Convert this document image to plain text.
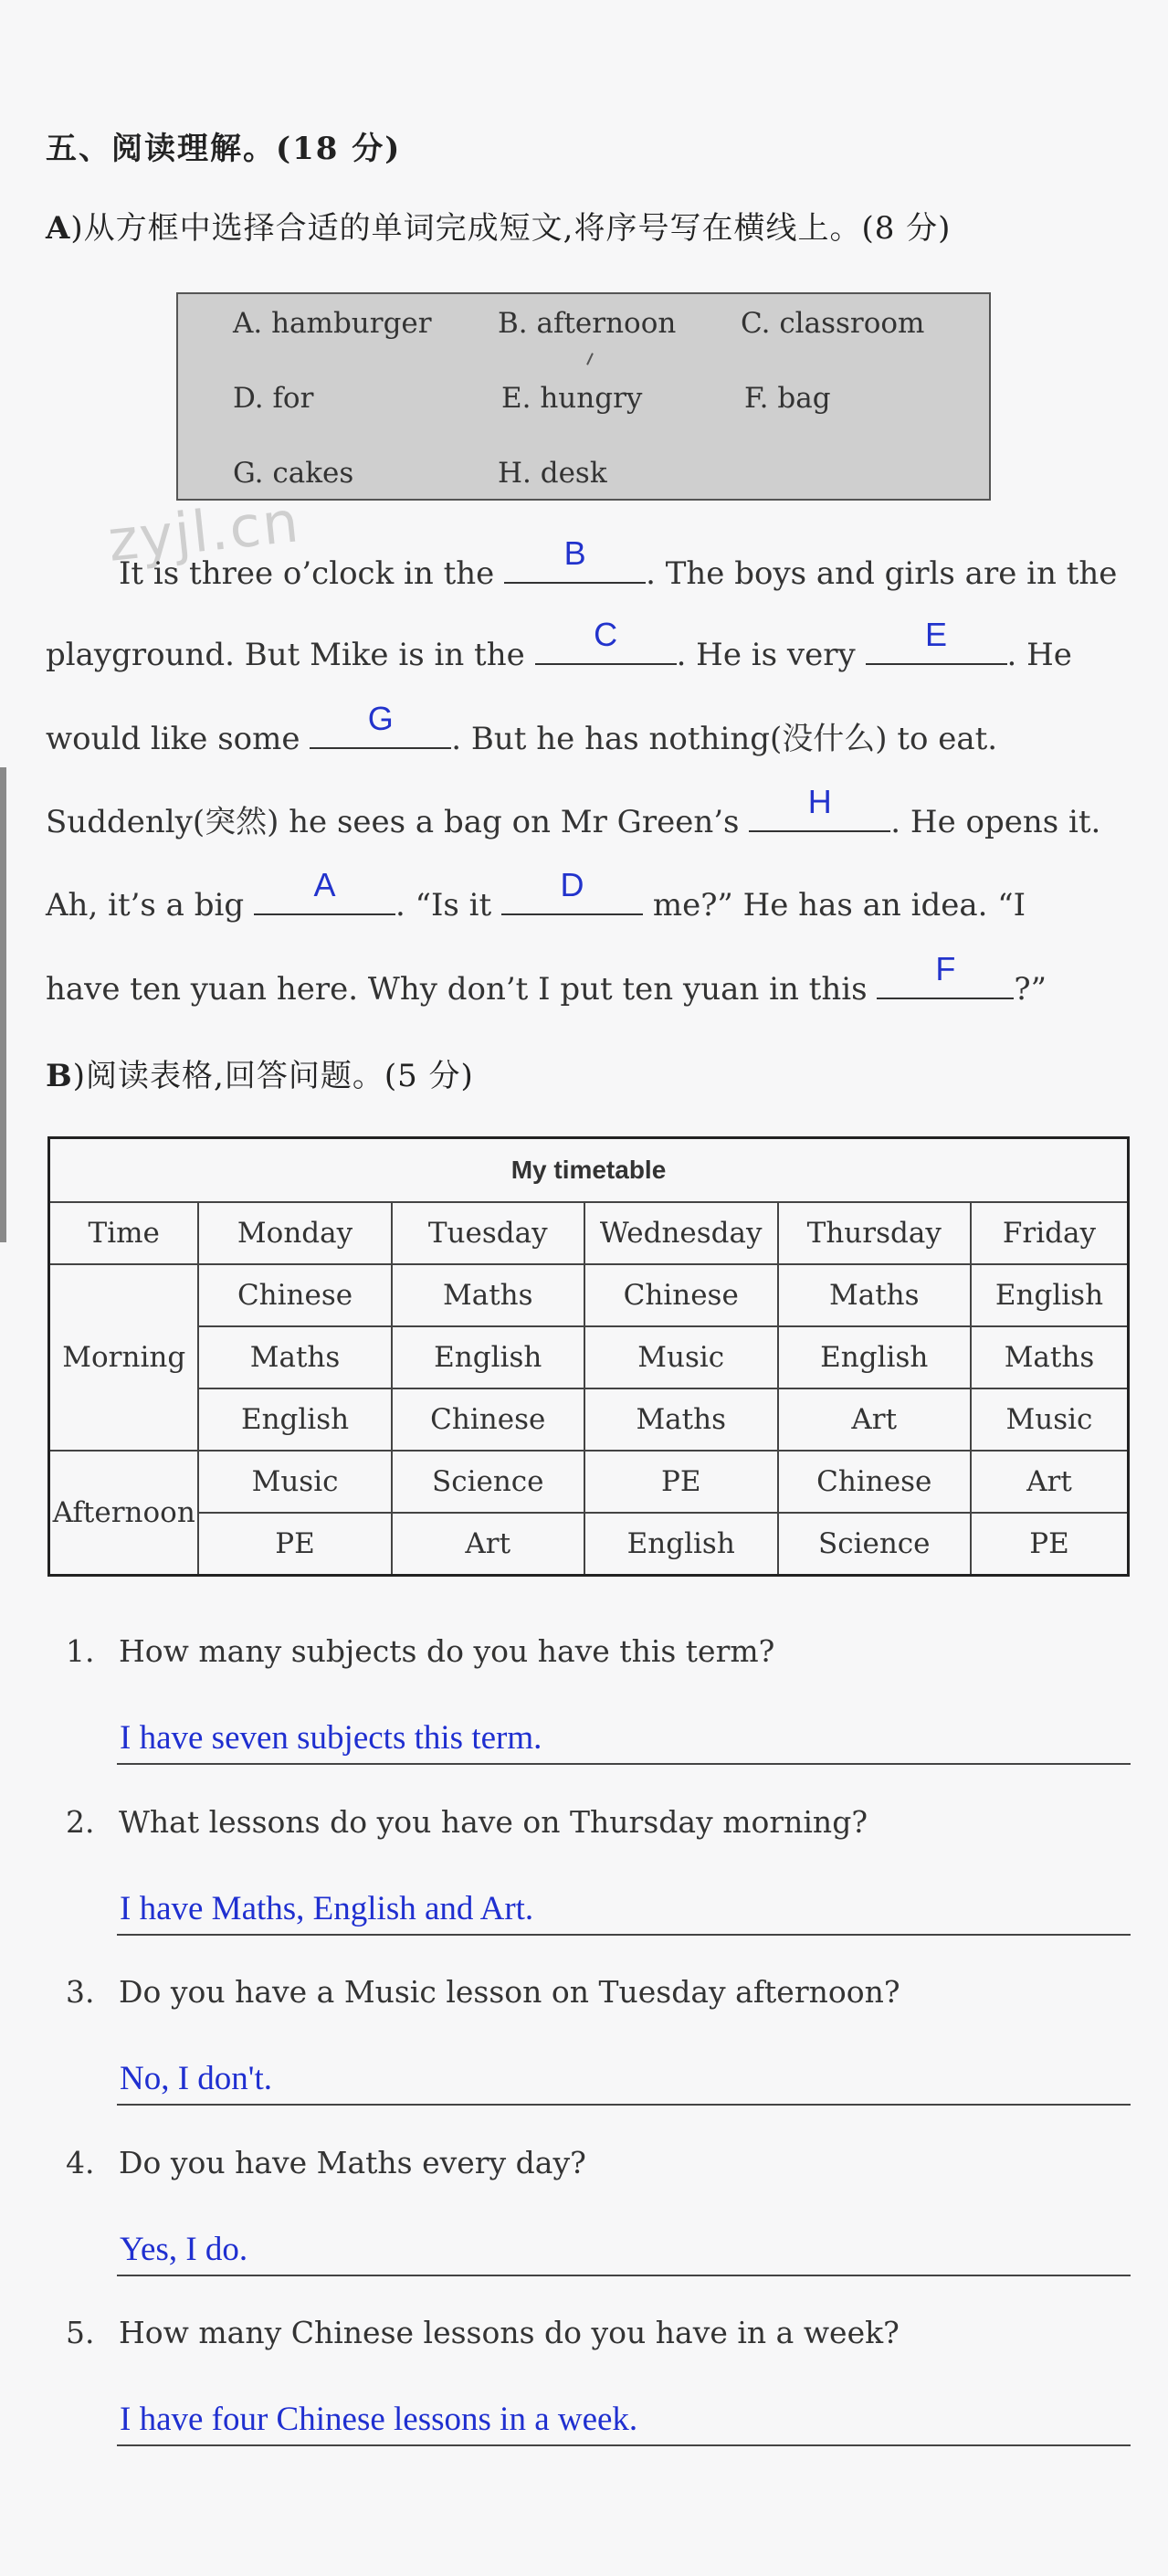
五、阅读理解。(18 分)
A)从方框中选择合适的单词完成短文,将序号写在横线上。(8 分)
A. hamburger B. afternoon C. classroom
D. for	E. hungry	F. bag
G. cakes	H. desk
zyjl.cn
It is three o’clock in the
B
. The boys and girls are in the
playground. But Mike is in the
C
. He is very
E
. He
would like some
G
. But he has nothing(没什么) to eat.
Suddenly(突然) he sees a bag on Mr Green’s
H
. He opens it.
Ah, it’s a big
A
. “Is it
D
me?” He has an idea. “I
have ten yuan here. Why don’t I put ten yuan in this
F
?”
B)阅读表格,回答问题。(5 分)
My timetable					
Time	Monday	Tuesday	Wednesday	Thursday	Friday
Morning	Chinese	Maths	Chinese	Maths	English
	Maths	English	Music	English	Maths
	English	Chinese	Maths	Art	Music
Afternoon	Music	Science	PE	Chinese	Art
	PE	Art	English	Science	PE
1. How many subjects do you have this term?
I have seven subjects this term.
2. What lessons do you have on Thursday morning?
I have Maths, English and Art.
3. Do you have a Music lesson on Tuesday afternoon?
No, I don't.
4. Do you have Maths every day?
Yes, I do.
5. How many Chinese lessons do you have in a week?
I have four Chinese lessons in a week.
